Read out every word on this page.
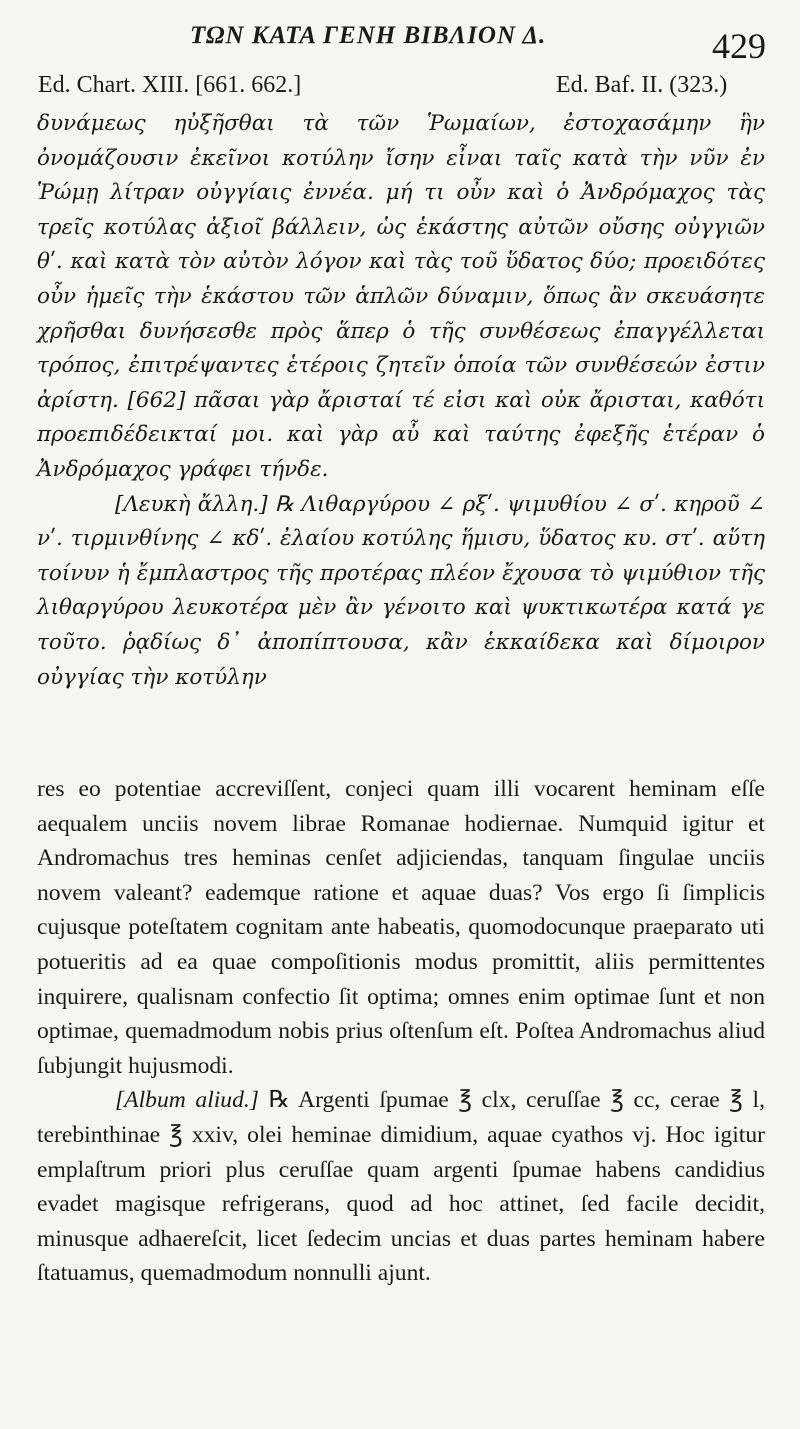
ΤΩΝ ΚΑΤΑ ΓΕΝΗ ΒΙΒΛΙΟΝ Δ.	429
Ed. Chart. XIII. [661. 662.]	Ed. Baf. II. (323.)

δυνάμεως ηὐξῆσθαι τὰ τῶν Ῥωμαίων, ἐστοχασάμην ἣν ὀνομάζουσιν ἐκεῖνοι κοτύλην ἴσην εἶναι ταῖς κατὰ τὴν νῦν ἐν Ῥώμῃ λίτραν οὐγγίαις ἐννέα. μή τι οὖν καὶ ὁ Ἀνδρόμαχος τὰς τρεῖς κοτύλας ἀξιοῖ βάλλειν, ὡς ἑκάστης αὐτῶν οὔσης οὐγγιῶν θʹ. καὶ κατὰ τὸν αὐτὸν λόγον καὶ τὰς τοῦ ὕδατος δύο; προειδότες οὖν ἡμεῖς τὴν ἑκάστου τῶν ἁπλῶν δύναμιν, ὅπως ἂν σκευάσητε χρῆσθαι δυνήσεσθε πρὸς ἅπερ ὁ τῆς συνθέσεως ἐπαγγέλλεται τρόπος, ἐπιτρέψαντες ἑτέροις ζητεῖν ὁποία τῶν συνθέσεών ἐστιν ἀρίστη. [662] πᾶσαι γὰρ ἄρισταί τέ εἰσι καὶ οὐκ ἄρισται, καθότι προεπιδέδεικταί μοι. καὶ γὰρ αὖ καὶ ταύτης ἐφεξῆς ἑτέραν ὁ Ἀνδρόμαχος γράφει τήνδε.

[Λευκὴ ἄλλη.] ℞ Λιθαργύρου ∠ ρξʹ. ψιμυθίου ∠ σʹ. κηροῦ ∠ νʹ. τιρμινθίνης ∠ κδʹ. ἐλαίου κοτύλης ἥμισυ, ὕδατος κυ. στʹ. αὕτη τοίνυν ἡ ἔμπλαστρος τῆς προτέρας πλέον ἔχουσα τὸ ψιμύθιον τῆς λιθαργύρου λευκοτέρα μὲν ἂν γένοιτο καὶ ψυκτικωτέρα κατά γε τοῦτο. ῥᾳδίως δ᾽ ἀποπίπτουσα, κἂν ἑκκαίδεκα καὶ δίμοιρον οὐγγίας τὴν κοτύλην

res eo potentiae accreviſſent, conjeci quam illi vocarent heminam eſſe aequalem unciis novem librae Romanae hodiernae. Numquid igitur et Andromachus tres heminas cenſet adjiciendas, tanquam ſingulae unciis novem valeant? eademque ratione et aquae duas? Vos ergo ſi ſimplicis cujusque poteſtatem cognitam ante habeatis, quomodocunque praeparato uti potueritis ad ea quae compoſitionis modus promittit, aliis permittentes inquirere, qualisnam confectio ſit optima; omnes enim optimae ſunt et non optimae, quemadmodum nobis prius oſtenſum eſt. Poſtea Andromachus aliud ſubjungit hujusmodi.

[Album aliud.] ℞ Argenti ſpumae ℥ clx, ceruſſae ℥ cc, cerae ℥ l, terebinthinae ℥ xxiv, olei heminae dimidium, aquae cyathos vj. Hoc igitur emplaſtrum priori plus ceruſſae quam argenti ſpumae habens candidius evadet magisque refrigerans, quod ad hoc attinet, ſed facile decidit, minusque adhaereſcit, licet ſedecim uncias et duas partes heminam habere ſtatuamus, quemadmodum nonnulli ajunt.
